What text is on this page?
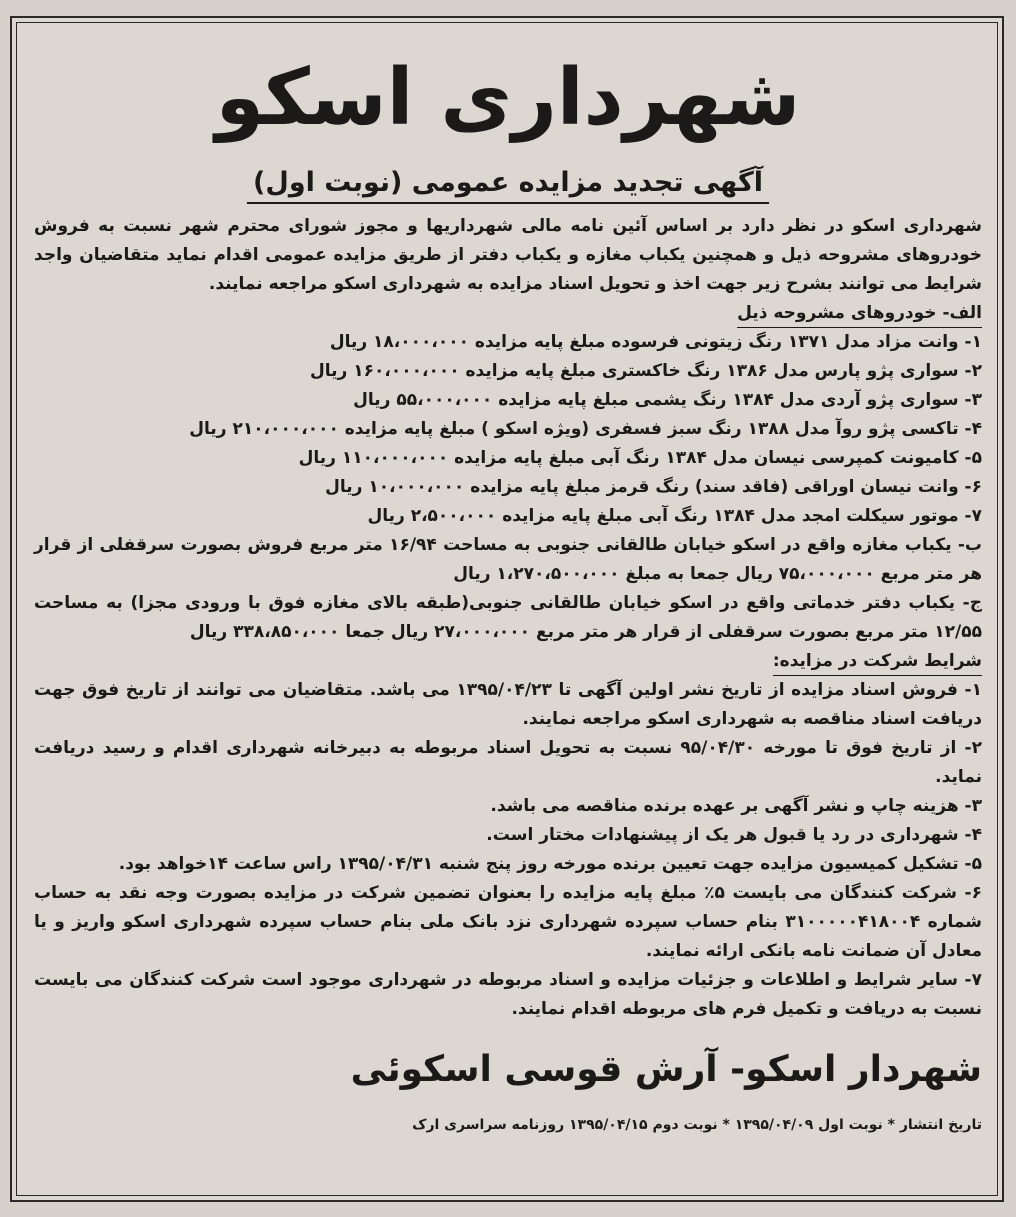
شهرداری اسکو
آگهی تجدید مزایده عمومی (نوبت اول)

شهرداری اسکو در نظر دارد بر اساس آئین نامه مالی شهرداریها و مجوز شورای محترم شهر نسبت به فروش خودروهای مشروحه ذیل و همچنین یکباب مغازه و یکباب دفتر از طریق مزایده عمومی اقدام نماید متقاضیان واجد شرایط می توانند بشرح زیر جهت اخذ و تحویل اسناد مزایده به شهرداری اسکو مراجعه نمایند.

الف- خودروهای مشروحه ذیل

۱- وانت مزاد مدل ۱۳۷۱ رنگ زیتونی فرسوده مبلغ پایه مزایده ۱۸،۰۰۰،۰۰۰ ریال

۲- سواری پژو پارس مدل ۱۳۸۶ رنگ خاکستری مبلغ پایه مزایده ۱۶۰،۰۰۰،۰۰۰ ریال

۳- سواری پژو آردی مدل ۱۳۸۴ رنگ یشمی مبلغ پایه مزایده ۵۵،۰۰۰،۰۰۰ ریال

۴- تاکسی پژو روآ مدل ۱۳۸۸ رنگ سبز فسفری (ویژه اسکو ) مبلغ پایه مزایده ۲۱۰،۰۰۰،۰۰۰ ریال

۵- کامیونت کمپرسی نیسان مدل ۱۳۸۴ رنگ آبی مبلغ پایه مزایده ۱۱۰،۰۰۰،۰۰۰ ریال

۶- وانت نیسان اوراقی (فاقد سند) رنگ قرمز مبلغ پایه مزایده ۱۰،۰۰۰،۰۰۰ ریال

۷- موتور سیکلت امجد مدل ۱۳۸۴ رنگ آبی مبلغ پایه مزایده ۲،۵۰۰،۰۰۰ ریال

ب- یکباب مغازه واقع در اسکو خیابان طالقانی جنوبی به مساحت ۱۶/۹۴ متر مربع فروش بصورت سرقفلی از قرار هر متر مربع ۷۵،۰۰۰،۰۰۰ ریال جمعا به مبلغ ۱،۲۷۰،۵۰۰،۰۰۰ ریال

ج- یکباب دفتر خدماتی واقع در اسکو خیابان طالقانی جنوبی(طبقه بالای مغازه فوق با ورودی مجزا) به مساحت ۱۲/۵۵ متر مربع بصورت سرقفلی از قرار هر متر مربع ۲۷،۰۰۰،۰۰۰ ریال جمعا ۳۳۸،۸۵۰،۰۰۰ ریال

شرایط شرکت در مزایده:

۱- فروش اسناد مزایده از تاریخ نشر اولین آگهی تا ۱۳۹۵/۰۴/۲۳ می باشد. متقاضیان می توانند از تاریخ فوق جهت دریافت اسناد مناقصه به شهرداری اسکو مراجعه نمایند.

۲- از تاریخ فوق تا مورخه ۹۵/۰۴/۳۰ نسبت به تحویل اسناد مربوطه به دبیرخانه شهرداری اقدام و رسید دریافت نماید.

۳- هزینه چاپ و نشر آگهی بر عهده برنده مناقصه می باشد.

۴- شهرداری در رد یا قبول هر یک از پیشنهادات مختار است.

۵- تشکیل کمیسیون مزایده جهت تعیین برنده مورخه روز پنج شنبه ۱۳۹۵/۰۴/۳۱ راس ساعت ۱۴خواهد بود.

۶- شرکت کنندگان می بایست ۵٪ مبلغ پایه مزایده را بعنوان تضمین شرکت در مزایده بصورت وجه نقد به حساب شماره ۳۱۰۰۰۰۰۴۱۸۰۰۴ بنام حساب سپرده شهرداری نزد بانک ملی بنام حساب سپرده شهرداری اسکو واریز و یا معادل آن ضمانت نامه بانکی ارائه نمایند.

۷- سایر شرایط و اطلاعات و جزئیات مزایده و اسناد مربوطه در شهرداری موجود است شرکت کنندگان می بایست نسبت به دریافت و تکمیل فرم های مربوطه اقدام نمایند.

شهردار اسکو- آرش قوسی اسکوئی
تاریخ انتشار * نوبت اول ۱۳۹۵/۰۴/۰۹ * نوبت دوم ۱۳۹۵/۰۴/۱۵ روزنامه سراسری ارک
